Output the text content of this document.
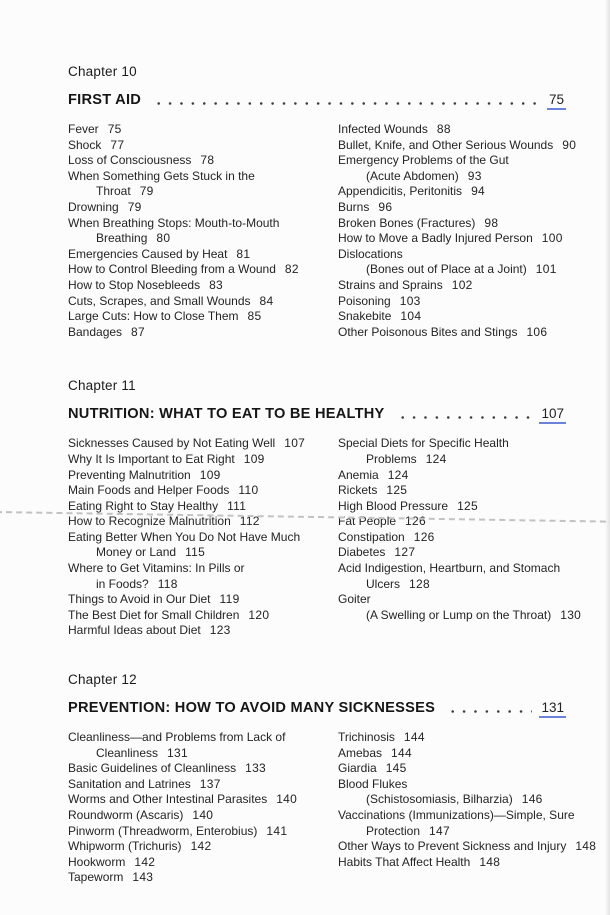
Chapter 10
FIRST AID	75
Fever 75
Shock 77
Loss of Consciousness 78
When Something Gets Stuck in the
Throat 79
Drowning 79
When Breathing Stops: Mouth-to-Mouth
Breathing 80
Emergencies Caused by Heat 81
How to Control Bleeding from a Wound 82
How to Stop Nosebleeds 83
Cuts, Scrapes, and Small Wounds 84
Large Cuts: How to Close Them 85
Bandages 87
Infected Wounds 88
Bullet, Knife, and Other Serious Wounds 90
Emergency Problems of the Gut
(Acute Abdomen) 93
Appendicitis, Peritonitis 94
Burns 96
Broken Bones (Fractures) 98
How to Move a Badly Injured Person 100
Dislocations
(Bones out of Place at a Joint) 101
Strains and Sprains 102
Poisoning 103
Snakebite 104
Other Poisonous Bites and Stings 106
Chapter 11
NUTRITION: WHAT TO EAT TO BE HEALTHY	107
Sicknesses Caused by Not Eating Well 107
Why It Is Important to Eat Right 109
Preventing Malnutrition 109
Main Foods and Helper Foods 110
Eating Right to Stay Healthy 111
How to Recognize Malnutrition 112
Eating Better When You Do Not Have Much
Money or Land 115
Where to Get Vitamins: In Pills or
in Foods? 118
Things to Avoid in Our Diet 119
The Best Diet for Small Children 120
Harmful Ideas about Diet 123
Special Diets for Specific Health
Problems 124
Anemia 124
Rickets 125
High Blood Pressure 125
Fat People 126
Constipation 126
Diabetes 127
Acid Indigestion, Heartburn, and Stomach
Ulcers 128
Goiter
(A Swelling or Lump on the Throat) 130
Chapter 12
PREVENTION: HOW TO AVOID MANY SICKNESSES	131
Cleanliness—and Problems from Lack of
Cleanliness 131
Basic Guidelines of Cleanliness 133
Sanitation and Latrines 137
Worms and Other Intestinal Parasites 140
Roundworm (Ascaris) 140
Pinworm (Threadworm, Enterobius) 141
Whipworm (Trichuris) 142
Hookworm 142
Tapeworm 143
Trichinosis 144
Amebas 144
Giardia 145
Blood Flukes
(Schistosomiasis, Bilharzia) 146
Vaccinations (Immunizations)—Simple, Sure
Protection 147
Other Ways to Prevent Sickness and Injury 148
Habits That Affect Health 148
